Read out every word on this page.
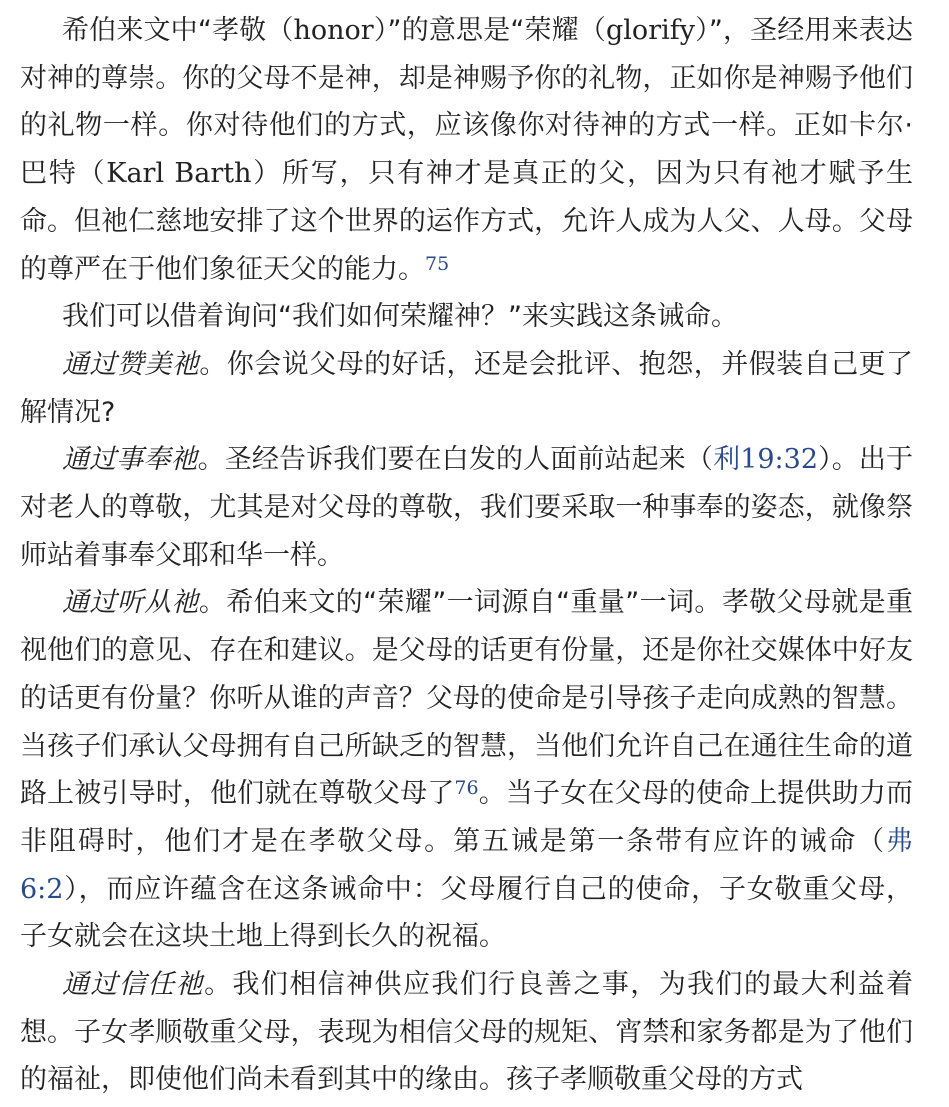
希伯来文中“孝敬（honor）”的意思是“荣耀（glorify）”，圣经用来表达对神的尊崇。你的父母不是神，却是神赐予你的礼物，正如你是神赐予他们的礼物一样。你对待他们的方式，应该像你对待神的方式一样。正如卡尔·巴特（Karl Barth）所写，只有神才是真正的父，因为只有祂才赋予生命。但祂仁慈地安排了这个世界的运作方式，允许人成为人父、人母。父母的尊严在于他们象征天父的能力。$^{75}$

我们可以借着询问“我们如何荣耀神？”来实践这条诫命。

通过赞美祂。你会说父母的好话，还是会批评、抱怨，并假装自己更了解情况?

通过事奉祂。圣经告诉我们要在白发的人面前站起来（利19:32）。出于对老人的尊敬，尤其是对父母的尊敬，我们要采取一种事奉的姿态，就像祭师站着事奉父耶和华一样。

通过听从祂。希伯来文的“荣耀”一词源自“重量”一词。孝敬父母就是重视他们的意见、存在和建议。是父母的话更有份量，还是你社交媒体中好友的话更有份量？你听从谁的声音？父母的使命是引导孩子走向成熟的智慧。当孩子们承认父母拥有自己所缺乏的智慧，当他们允许自己在通往生命的道路上被引导时，他们就在尊敬父母了$^{76}$。当子女在父母的使命上提供助力而非阻碍时，他们才是在孝敬父母。第五诫是第一条带有应许的诫命（弗6:2），而应许蕴含在这条诫命中：父母履行自己的使命，子女敬重父母，子女就会在这块土地上得到长久的祝福。

通过信任祂。我们相信神供应我们行良善之事，为我们的最大利益着想。子女孝顺敬重父母，表现为相信父母的规矩、宵禁和家务都是为了他们的福祉，即使他们尚未看到其中的缘由。孩子孝顺敬重父母的方式
